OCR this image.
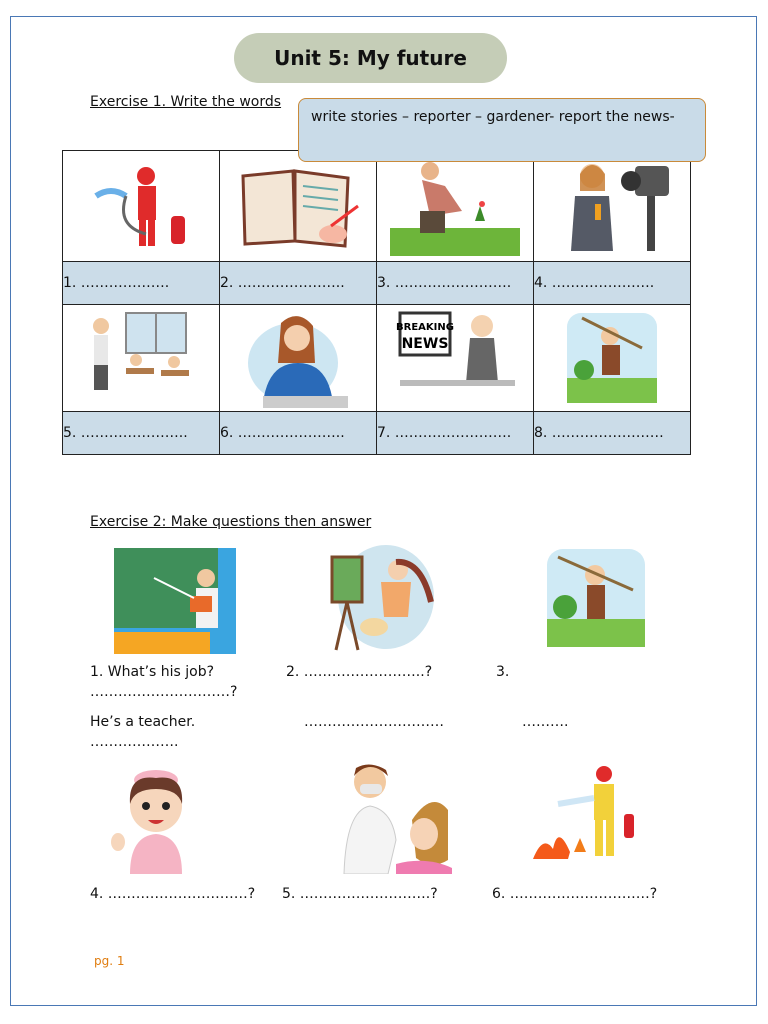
Unit 5: My future
Exercise 1. Write the words

1. ……………….	2. …………………..	3. …………………….	4. ………………….

BREAKING
NEWS

5. …………………..	6. …………………..	7. …………………….	8. ……………………
write stories – reporter – gardener- report the news-
Exercise 2: Make questions then answer
1. What’s his job?	2. ……………………..?	3.
…………………………?
He’s a teacher.	…………………………	……….
……………….
4. …………………………? 5. ……………………….?	6. …………………………?
pg. 1
